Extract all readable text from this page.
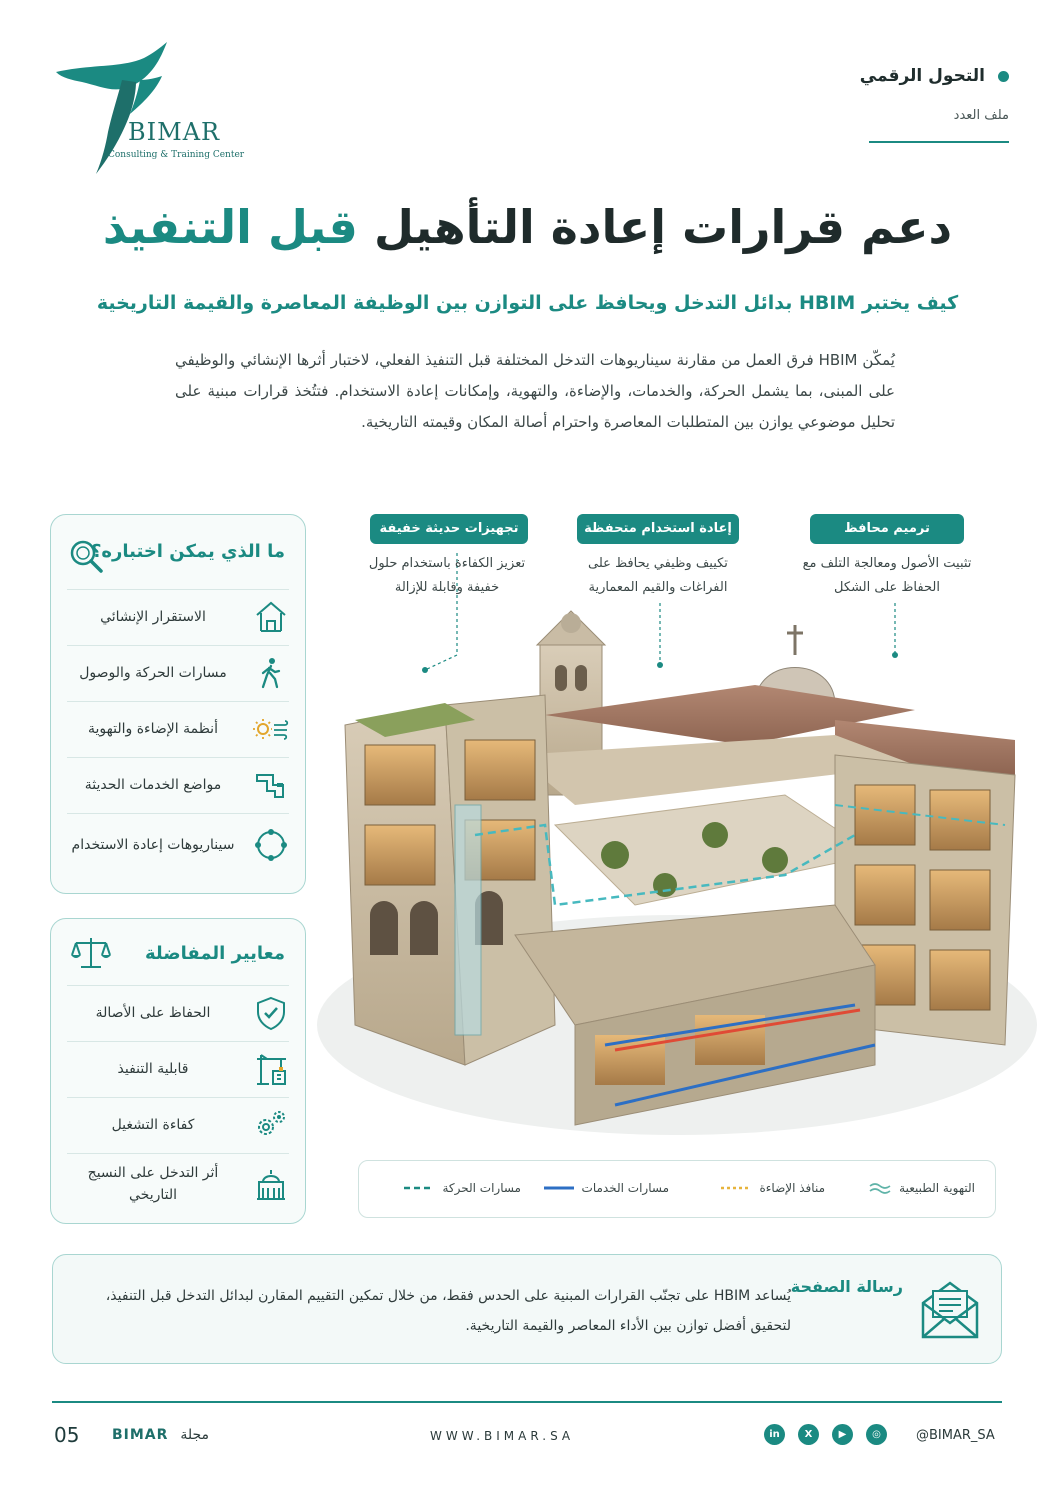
BIMAR
Consulting & Training Center
التحول الرقمي
ملف العدد
دعم قرارات إعادة التأهيل قبل التنفيذ
كيف يختبر HBIM بدائل التدخل ويحافظ على التوازن بين الوظيفة المعاصرة والقيمة التاريخية
يُمكّن HBIM فرق العمل من مقارنة سيناريوهات التدخل المختلفة قبل التنفيذ الفعلي، لاختبار أثرها الإنشائي والوظيفي على المبنى، بما يشمل الحركة، والخدمات، والإضاءة، والتهوية، وإمكانات إعادة الاستخدام. فتتُخذ قرارات مبنية على تحليل موضوعي يوازن بين المتطلبات المعاصرة واحترام أصالة المكان وقيمته التاريخية.
ما الذي يمكن اختباره؟
الاستقرار الإنشائي
مسارات الحركة والوصول
أنظمة الإضاءة والتهوية
مواضع الخدمات الحديثة
سيناريوهات إعادة الاستخدام
معايير المفاضلة
الحفاظ على الأصالة
قابلية التنفيذ
كفاءة التشغيل
أثر التدخل على النسيج التاريخي
ترميم محافظ
تثبيت الأصول ومعالجة التلف مع الحفاظ على الشكل
إعادة استخدام متحفظة
تكييف وظيفي يحافظ على الفراغات والقيم المعمارية
تجهيزات حديثة خفيفة
تعزيز الكفاءة باستخدام حلول خفيفة وقابلة للإزالة
التهوية الطبيعية
منافذ الإضاءة
مسارات الخدمات
مسارات الحركة
رسالة الصفحة
يُساعد HBIM على تجنّب القرارات المبنية على الحدس فقط، من خلال تمكين التقييم المقارن لبدائل التدخل قبل التنفيذ، لتحقيق أفضل توازن بين الأداء المعاصر والقيمة التاريخية.
05 BIMAR مجلة	WWW.BIMAR.SA	in	X	▶	◎	@BIMAR_SA
